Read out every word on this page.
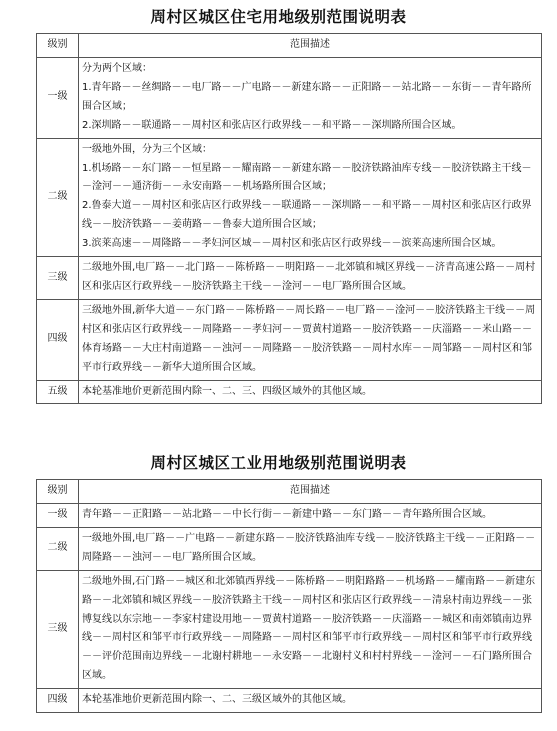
周村区城区住宅用地级别范围说明表
级别	范围描述
一级	分为两个区域：
1.青年路－－丝绸路－－电厂路－－广电路－－新建东路－－正阳路－－站北路－－东街－－青年路所围合区域；
2.深圳路－－联通路－－周村区和张店区行政界线－－和平路－－深圳路所围合区域。

二级	一级地外围，分为三个区域：
1.机场路－－东门路－－恒星路－－耀南路－－新建东路－－胶济铁路油库专线－－胶济铁路主干线－－淦河－－通济街－－永安南路－－机场路所围合区域；
2.鲁泰大道－－周村区和张店区行政界线－－联通路－－深圳路－－和平路－－周村区和张店区行政界线－－胶济铁路－－姜萌路－－鲁泰大道所围合区域；
3.滨莱高速－－周隆路－－孝妇河区域－－周村区和张店区行政界线－－滨莱高速所围合区域。

三级	二级地外围,电厂路－－北门路－－陈桥路－－明阳路－－北郊镇和城区界线－－济青高速公路－－周村区和张店区行政界线－－胶济铁路主干线－－淦河－－电厂路所围合区域。

四级	三级地外围,新华大道－－东门路－－陈桥路－－周长路－－电厂路－－淦河－－胶济铁路主干线－－周村区和张店区行政界线－－周隆路－－孝妇河－－贾黄村道路－－胶济铁路－－庆淄路－－米山路－－体育场路－－大庄村南道路－－浊河－－周隆路－－胶济铁路－－周村水库－－周邹路－－周村区和邹平市行政界线－－新华大道所围合区域。

五级	本轮基准地价更新范围内除一、二、三、四级区域外的其他区域。
周村区城区工业用地级别范围说明表
级别	范围描述
一级	青年路－－正阳路－－站北路－－中长行街－－新建中路－－东门路－－青年路所围合区域。

二级	一级地外围,电厂路－－广电路－－新建东路－－胶济铁路油库专线－－胶济铁路主干线－－正阳路－－周隆路－－浊河－－电厂路所围合区域。

三级	二级地外围,石门路－－城区和北郊镇西界线－－陈桥路－－明阳路路－－机场路－－耀南路－－新建东路－－北郊镇和城区界线－－胶济铁路主干线－－周村区和张店区行政界线－－清泉村南边界线－－张博复线以东宗地－－李家村建设用地－－贾黄村道路－－胶济铁路－－庆淄路－－城区和南郊镇南边界线－－周村区和邹平市行政界线－－周隆路－－周村区和邹平市行政界线－－周村区和邹平市行政界线－－评价范围南边界线－－北谢村耕地－－永安路－－北谢村义和村村界线－－淦河－－石门路所围合区域。

四级	本轮基准地价更新范围内除一、二、三级区域外的其他区域。
